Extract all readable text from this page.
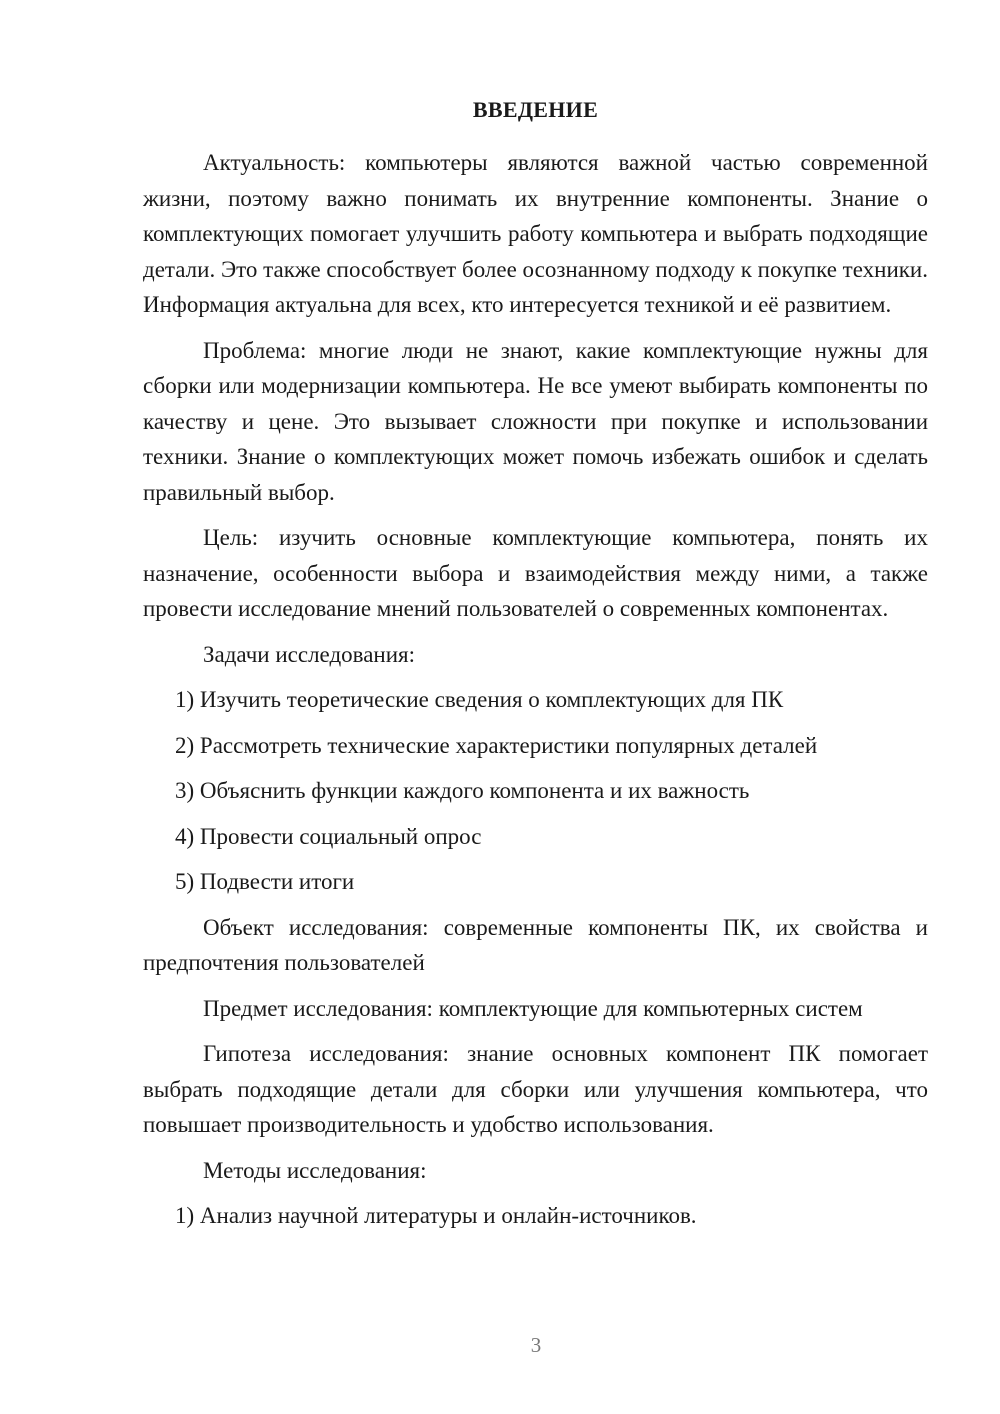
ВВЕДЕНИЕ

Актуальность: компьютеры являются важной частью современной жизни, поэтому важно понимать их внутренние компоненты. Знание о комплектующих помогает улучшить работу компьютера и выбрать подходящие детали. Это также способствует более осознанному подходу к покупке техники. Информация актуальна для всех, кто интересуется техникой и её развитием.

Проблема: многие люди не знают, какие комплектующие нужны для сборки или модернизации компьютера. Не все умеют выбирать компоненты по качеству и цене. Это вызывает сложности при покупке и использовании техники. Знание о комплектующих может помочь избежать ошибок и сделать правильный выбор.

Цель: изучить основные комплектующие компьютера, понять их назначение, особенности выбора и взаимодействия между ними, а также провести исследование мнений пользователей о современных компонентах.

Задачи исследования:

1) Изучить теоретические сведения о комплектующих для ПК
2) Рассмотреть технические характеристики популярных деталей
3) Объяснить функции каждого компонента и их важность
4) Провести социальный опрос
5) Подвести итоги

Объект исследования: современные компоненты ПК, их свойства и предпочтения пользователей

Предмет исследования: комплектующие для компьютерных систем

Гипотеза исследования: знание основных компонент ПК помогает выбрать подходящие детали для сборки или улучшения компьютера, что повышает производительность и удобство использования.

Методы исследования:

1) Анализ научной литературы и онлайн-источников.
3
